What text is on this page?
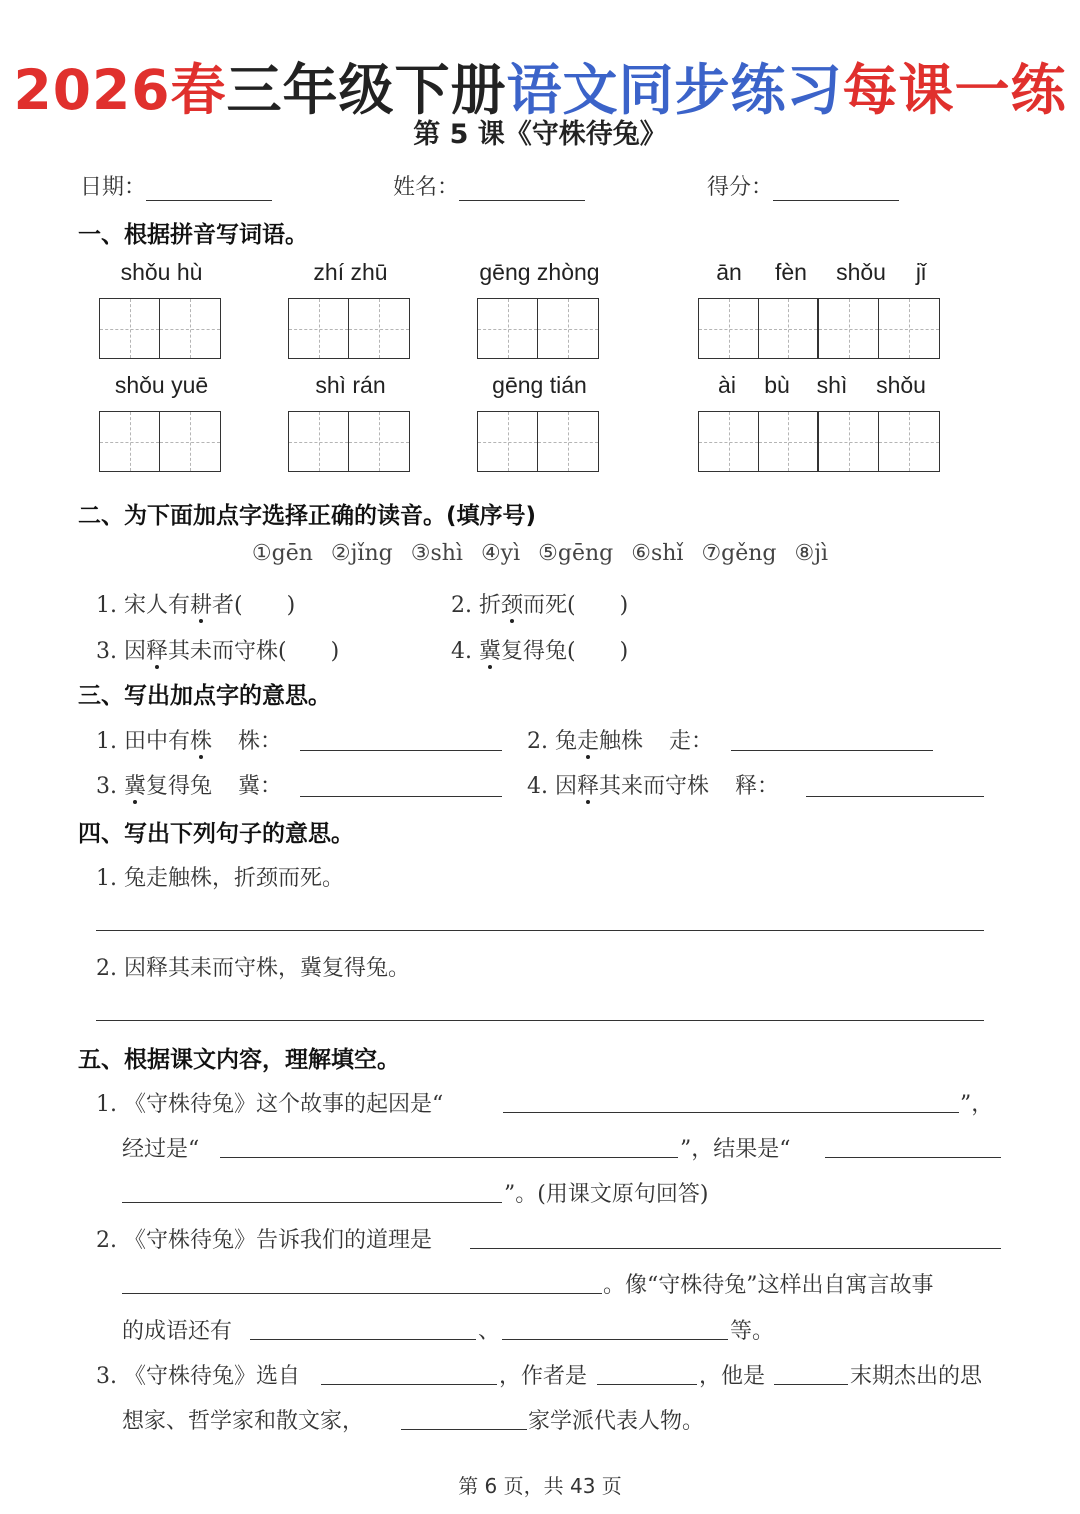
2026春三年级下册语文同步练习每课一练
第 5 课《守株待兔》
日期：	姓名：	得分：
一、根据拼音写词语。
shǒu hù	zhí zhū	gēng zhòng	ān	fèn	shǒu	jǐ
shǒu yuē	shì rán	gēng tián	ài	bù	shì	shǒu
二、为下面加点字选择正确的读音。(填序号)
①gēn ②jǐng ③shì ④yì ⑤gēng ⑥shǐ ⑦gěng ⑧jì
1. 宋人有耕者(　　)	2. 折颈而死(　　)
3. 因释其未而守株(　　)	4. 冀复得兔(　　)
三、写出加点字的意思。
1. 田中有株 株：	2. 兔走触株 走：
3. 冀复得兔 冀：	4. 因释其来而守株 释：
四、写出下列句子的意思。
1. 兔走触株，折颈而死。
2. 因释其耒而守株，冀复得兔。
五、根据课文内容，理解填空。
1. 《守株待兔》这个故事的起因是“	”，
经过是“	”，结果是“
”。(用课文原句回答)
2. 《守株待兔》告诉我们的道理是
。像“守株待兔”这样出自寓言故事
的成语还有	、	等。
3. 《守株待兔》选自	，作者是	，他是	末期杰出的思
想家、哲学家和散文家，	家学派代表人物。
第 6 页，共 43 页
